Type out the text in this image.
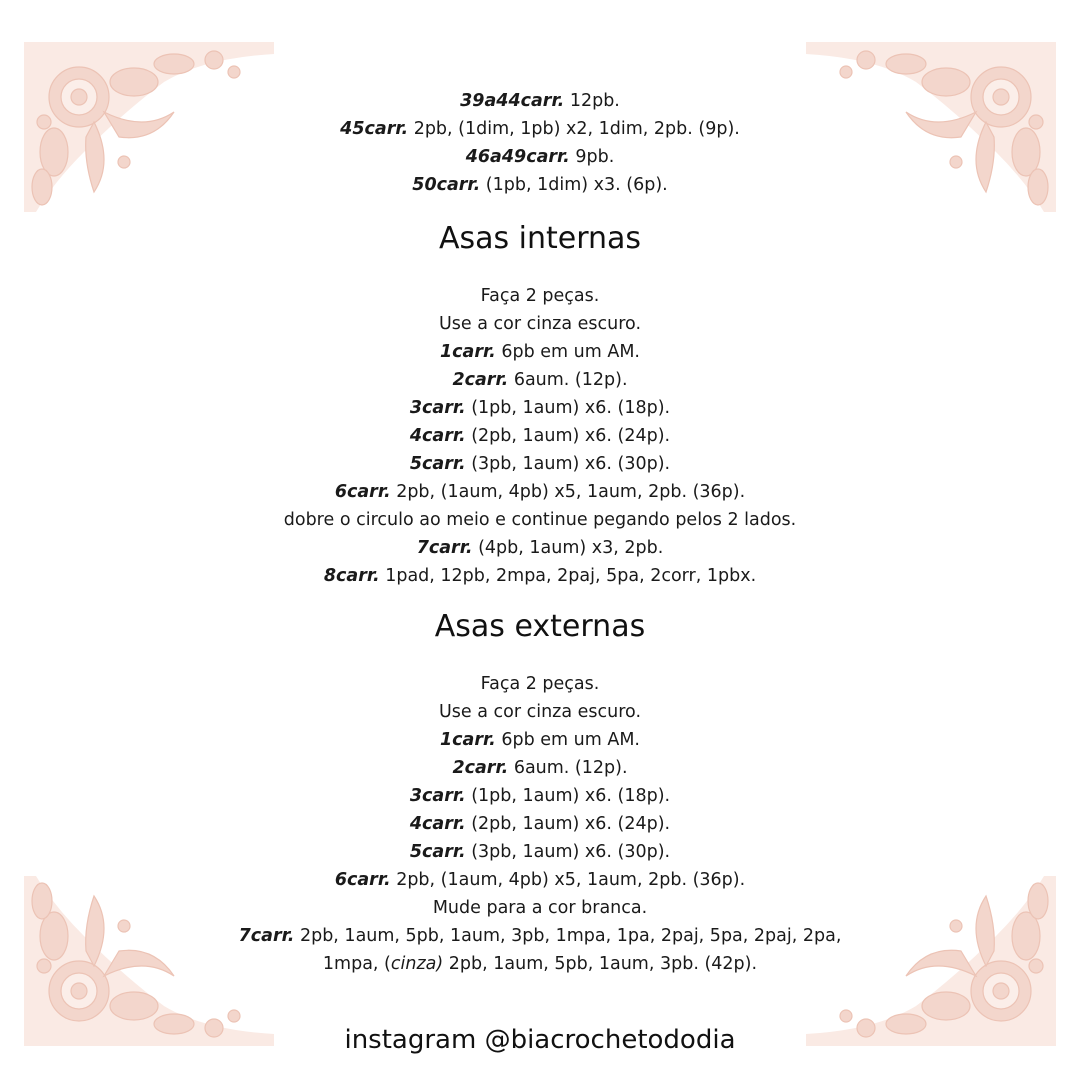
39a44carr. 12pb.
45carr. 2pb, (1dim, 1pb) x2, 1dim, 2pb. (9p).
46a49carr. 9pb.
50carr. (1pb, 1dim) x3. (6p).
Asas internas
Faça 2 peças.
Use a cor cinza escuro.
1carr. 6pb em um AM.
2carr. 6aum. (12p).
3carr. (1pb, 1aum) x6. (18p).
4carr. (2pb, 1aum) x6. (24p).
5carr. (3pb, 1aum) x6. (30p).
6carr. 2pb, (1aum, 4pb) x5, 1aum, 2pb. (36p).
dobre o circulo ao meio e continue pegando pelos 2 lados.
7carr. (4pb, 1aum) x3, 2pb.
8carr. 1pad, 12pb, 2mpa, 2paj, 5pa, 2corr, 1pbx.
Asas externas
Faça 2 peças.
Use a cor cinza escuro.
1carr. 6pb em um AM.
2carr. 6aum. (12p).
3carr. (1pb, 1aum) x6. (18p).
4carr. (2pb, 1aum) x6. (24p).
5carr. (3pb, 1aum) x6. (30p).
6carr. 2pb, (1aum, 4pb) x5, 1aum, 2pb. (36p).
Mude para a cor branca.
7carr. 2pb, 1aum, 5pb, 1aum, 3pb, 1mpa, 1pa, 2paj, 5pa, 2paj, 2pa,
1mpa, (cinza) 2pb, 1aum, 5pb, 1aum, 3pb. (42p).
instagram @biacrochetododia
